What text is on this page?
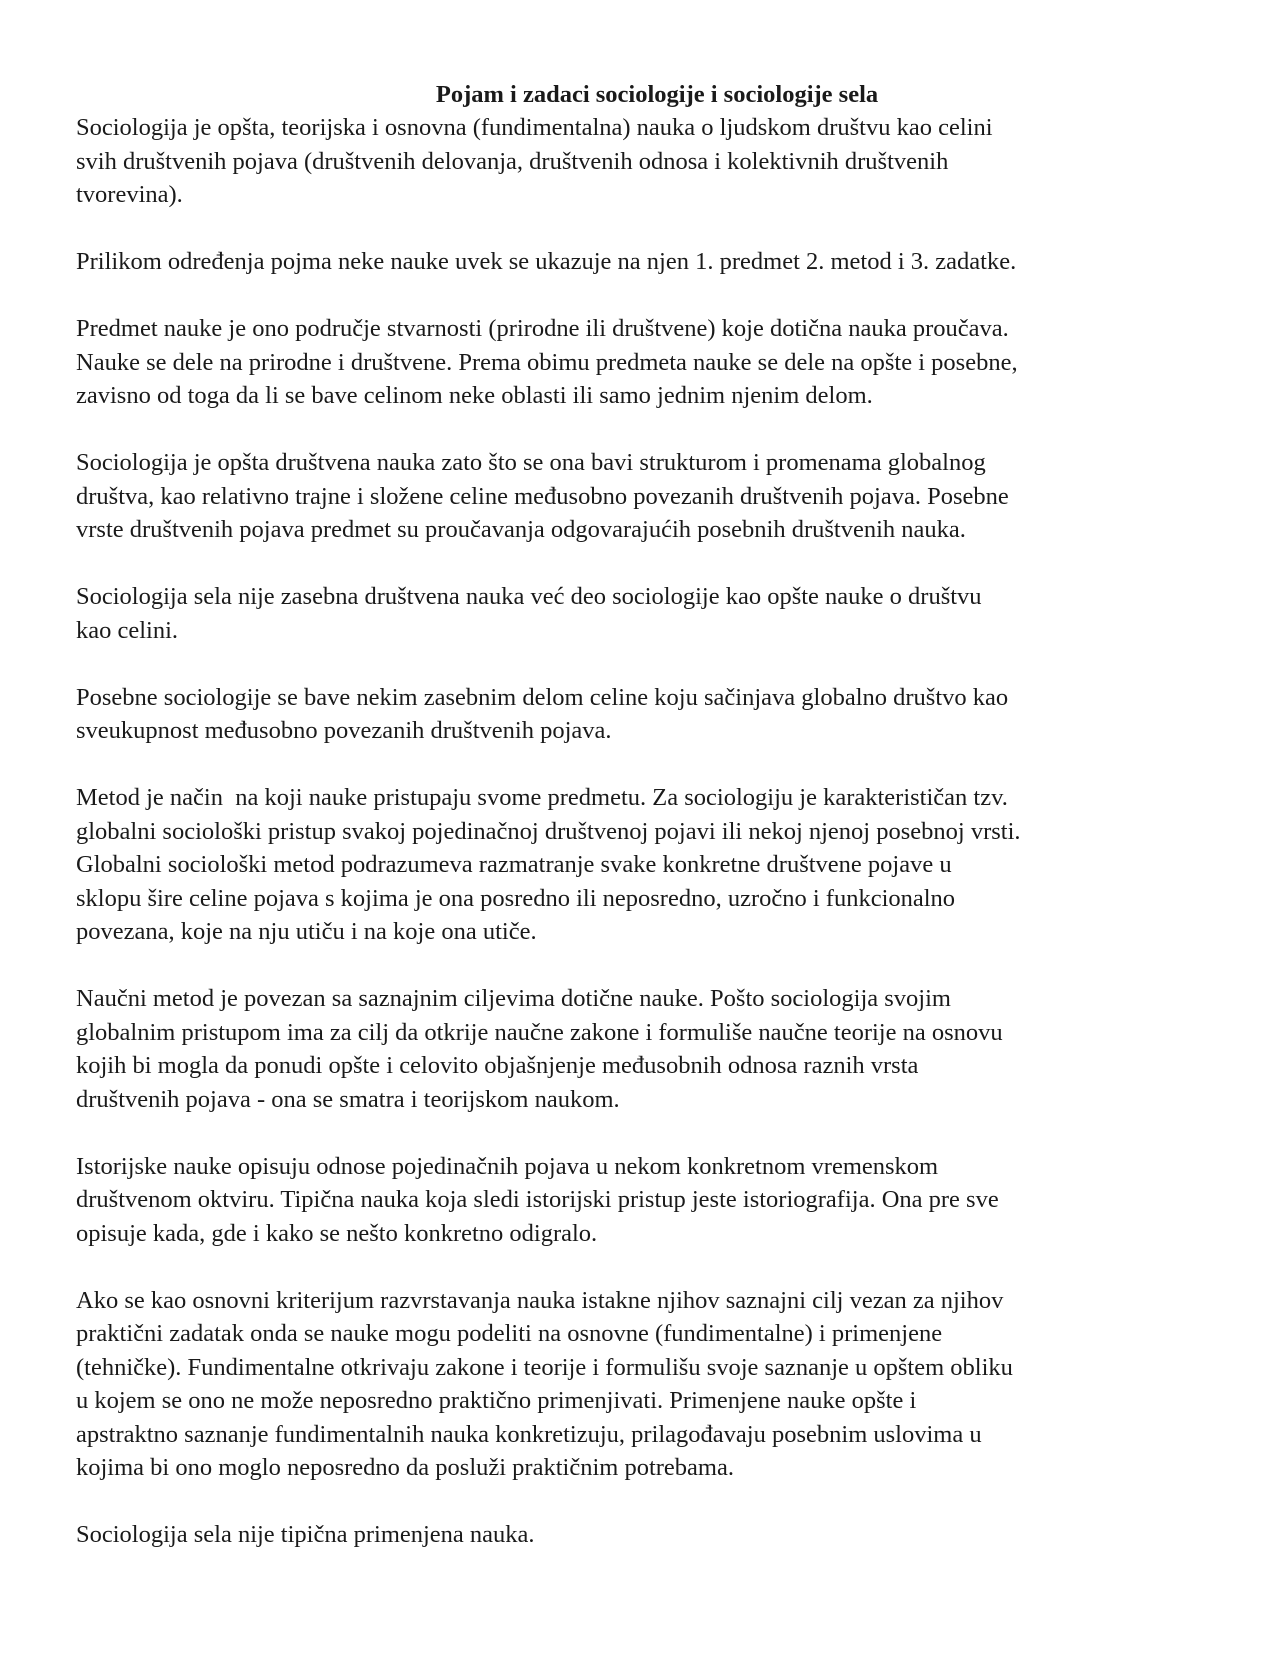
Pojam i zadaci sociologije i sociologije sela

Sociologija je opšta, teorijska i osnovna (fundimentalna) nauka o ljudskom društvu kao celini
svih društvenih pojava (društvenih delovanja, društvenih odnosa i kolektivnih društvenih
tvorevina).

Prilikom određenja pojma neke nauke uvek se ukazuje na njen 1. predmet 2. metod i 3. zadatke.

Predmet nauke je ono područje stvarnosti (prirodne ili društvene) koje dotična nauka proučava.
Nauke se dele na prirodne i društvene. Prema obimu predmeta nauke se dele na opšte i posebne,
zavisno od toga da li se bave celinom neke oblasti ili samo jednim njenim delom.

Sociologija je opšta društvena nauka zato što se ona bavi strukturom i promenama globalnog
društva, kao relativno trajne i složene celine međusobno povezanih društvenih pojava. Posebne
vrste društvenih pojava predmet su proučavanja odgovarajućih posebnih društvenih nauka.

Sociologija sela nije zasebna društvena nauka već deo sociologije kao opšte nauke o društvu
kao celini.

Posebne sociologije se bave nekim zasebnim delom celine koju sačinjava globalno društvo kao
sveukupnost međusobno povezanih društvenih pojava.

Metod je način  na koji nauke pristupaju svome predmetu. Za sociologiju je karakterističan tzv.
globalni sociološki pristup svakoj pojedinačnoj društvenoj pojavi ili nekoj njenoj posebnoj vrsti.
Globalni sociološki metod podrazumeva razmatranje svake konkretne društvene pojave u
sklopu šire celine pojava s kojima je ona posredno ili neposredno, uzročno i funkcionalno
povezana, koje na nju utiču i na koje ona utiče.

Naučni metod je povezan sa saznajnim ciljevima dotične nauke. Pošto sociologija svojim
globalnim pristupom ima za cilj da otkrije naučne zakone i formuliše naučne teorije na osnovu
kojih bi mogla da ponudi opšte i celovito objašnjenje međusobnih odnosa raznih vrsta
društvenih pojava - ona se smatra i teorijskom naukom.

Istorijske nauke opisuju odnose pojedinačnih pojava u nekom konkretnom vremenskom
društvenom oktviru. Tipična nauka koja sledi istorijski pristup jeste istoriografija. Ona pre sve
opisuje kada, gde i kako se nešto konkretno odigralo.

Ako se kao osnovni kriterijum razvrstavanja nauka istakne njihov saznajni cilj vezan za njihov
praktični zadatak onda se nauke mogu podeliti na osnovne (fundimentalne) i primenjene
(tehničke). Fundimentalne otkrivaju zakone i teorije i formulišu svoje saznanje u opštem obliku
u kojem se ono ne može neposredno praktično primenjivati. Primenjene nauke opšte i
apstraktno saznanje fundimentalnih nauka konkretizuju, prilagođavaju posebnim uslovima u
kojima bi ono moglo neposredno da posluži praktičnim potrebama.

Sociologija sela nije tipična primenjena nauka.
